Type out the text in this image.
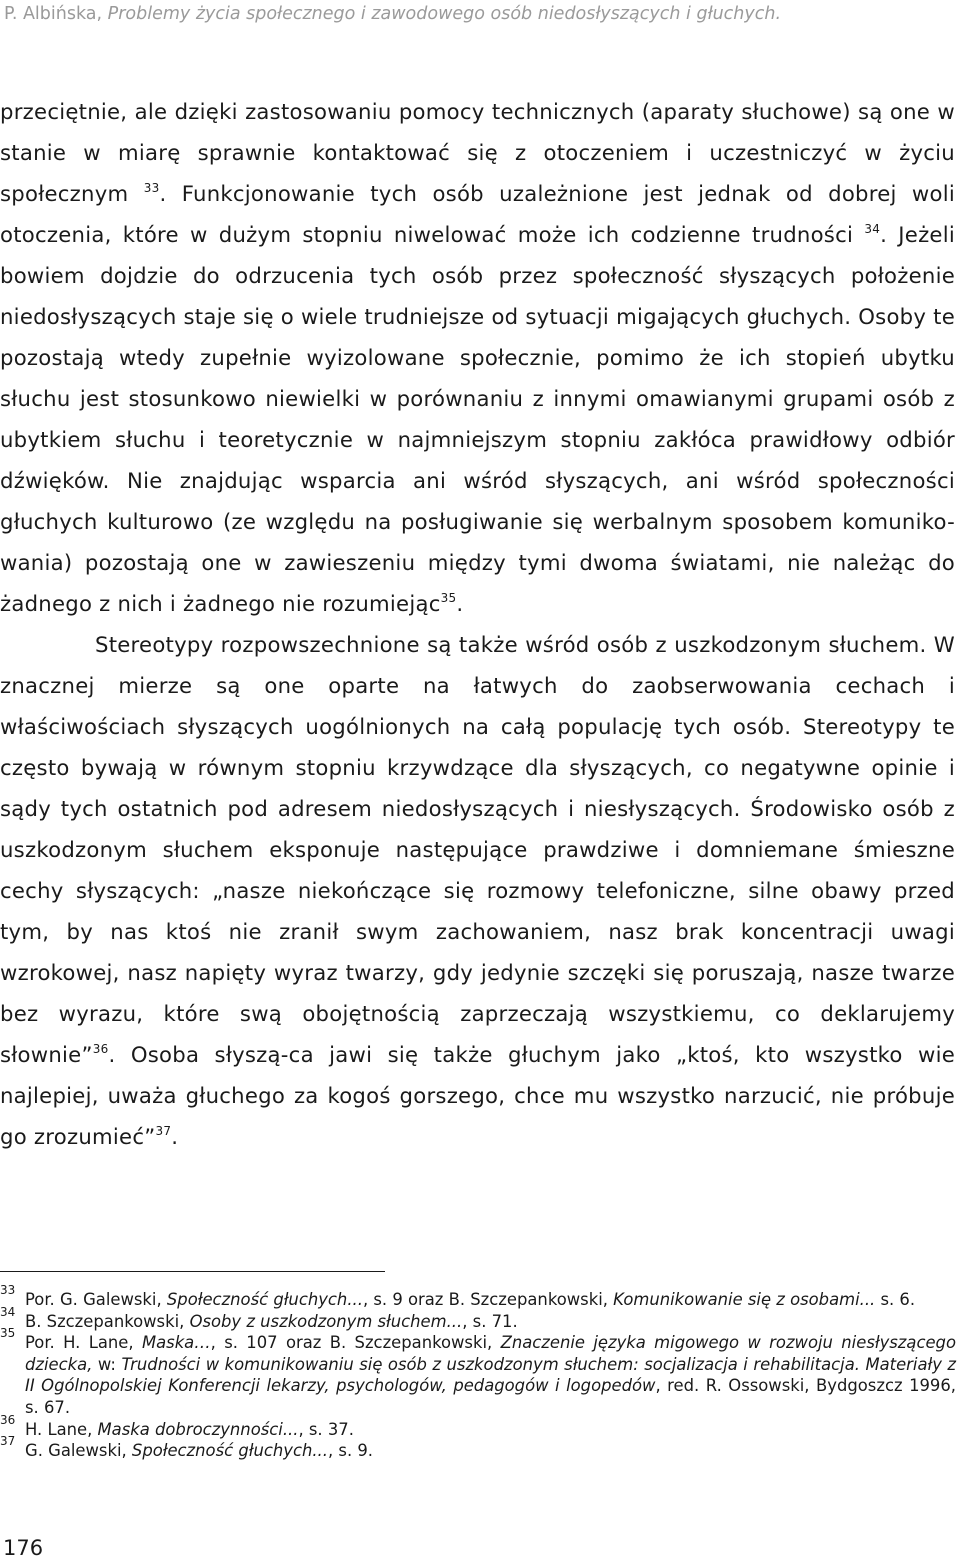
P. Albińska, Problemy życia społecznego i zawodowego osób niedosłyszących i głuchych.

przeciętnie, ale dzięki zastosowaniu pomocy technicznych (aparaty słuchowe) są one w stanie w miarę sprawnie kontaktować się z otoczeniem i uczestniczyć w życiu społecznym $^{33}$. Funkcjonowanie tych osób uzależnione jest jednak od dobrej woli otoczenia, które w dużym stopniu niwelować może ich codzienne trudności $^{34}$. Jeżeli bowiem dojdzie do odrzucenia tych osób przez społeczność słyszących położenie niedosłyszących staje się o wiele trudniejsze od sytuacji migających głuchych. Osoby te pozostają wtedy zupełnie wyizolowane społecznie, pomimo że ich stopień ubytku słuchu jest stosunkowo niewielki w porównaniu z innymi omawianymi grupami osób z ubytkiem słuchu i teoretycznie w najmniejszym stopniu zakłóca prawidłowy odbiór dźwięków. Nie znajdując wsparcia ani wśród słyszących, ani wśród społeczności głuchych kulturowo (ze względu na posługiwanie się werbalnym sposobem komuniko-wania) pozostają one w zawieszeniu między tymi dwoma światami, nie należąc do żadnego z nich i żadnego nie rozumiejąc$^{35}$.

Stereotypy rozpowszechnione są także wśród osób z uszkodzonym słuchem. W znacznej mierze są one oparte na łatwych do zaobserwowania cechach i właściwościach słyszących uogólnionych na całą populację tych osób. Stereotypy te często bywają w równym stopniu krzywdzące dla słyszących, co negatywne opinie i sądy tych ostatnich pod adresem niedosłyszących i niesłyszących. Środowisko osób z uszkodzonym słuchem eksponuje następujące prawdziwe i domniemane śmieszne cechy słyszących: „nasze niekończące się rozmowy telefoniczne, silne obawy przed tym, by nas ktoś nie zranił swym zachowaniem, nasz brak koncentracji uwagi wzrokowej, nasz napięty wyraz twarzy, gdy jedynie szczęki się poruszają, nasze twarze bez wyrazu, które swą obojętnością zaprzeczają wszystkiemu, co deklarujemy słownie”$^{36}$. Osoba słyszą-ca jawi się także głuchym jako „ktoś, kto wszystko wie najlepiej, uważa głuchego za kogoś gorszego, chce mu wszystko narzucić, nie próbuje go zrozumieć”$^{37}$.

33 Por. G. Galewski, Społeczność głuchych..., s. 9 oraz B. Szczepankowski, Komunikowanie się z osobami... s. 6.
34 B. Szczepankowski, Osoby z uszkodzonym słuchem..., s. 71.
35 Por. H. Lane, Maska…, s. 107 oraz B. Szczepankowski, Znaczenie języka migowego w rozwoju niesłyszącego dziecka, w: Trudności w komunikowaniu się osób z uszkodzonym słuchem: socjalizacja i rehabilitacja. Materiały z II Ogólnopolskiej Konferencji lekarzy, psychologów, pedagogów i logopedów, red. R. Ossowski, Bydgoszcz 1996, s. 67.
36 H. Lane, Maska dobroczynności..., s. 37.
37 G. Galewski, Społeczność głuchych..., s. 9.
176
